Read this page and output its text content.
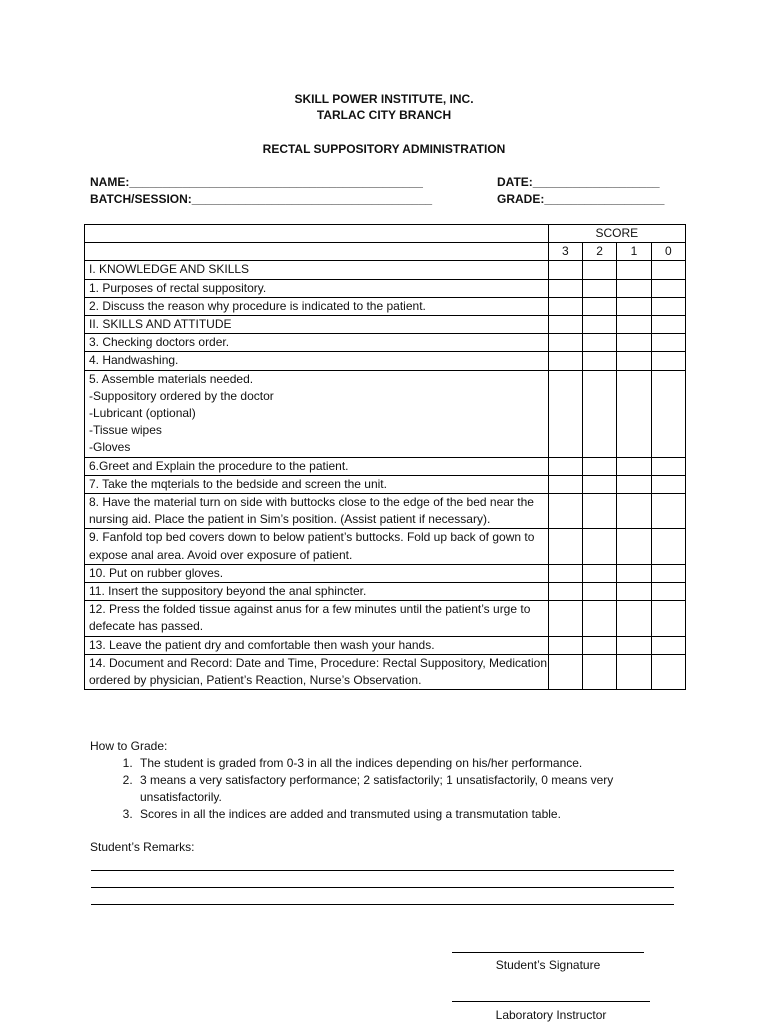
SKILL POWER INSTITUTE, INC.
TARLAC CITY BRANCH
RECTAL SUPPOSITORY ADMINISTRATION
NAME:____________________________________________
BATCH/SESSION:____________________________________
DATE:___________________
GRADE:__________________
	SCORE			
	3	2	1	0
I. KNOWLEDGE AND SKILLS				
1. Purposes of rectal suppository.				
2. Discuss the reason why procedure is indicated to the patient.				
II. SKILLS AND ATTITUDE				
3. Checking doctors order.				
4. Handwashing.				
5. Assemble materials needed.
-Suppository ordered by the doctor
-Lubricant (optional)
-Tissue wipes
-Gloves				
6.Greet and Explain the procedure to the patient.				
7. Take the mqterials to the bedside and screen the unit.				
8. Have the material turn on side with buttocks close to the edge of the bed near the nursing aid. Place the patient in Sim’s position. (Assist patient if necessary).				
9. Fanfold top bed covers down to below patient’s buttocks. Fold up back of gown to expose anal area. Avoid over exposure of patient.				
10. Put on rubber gloves.				
11. Insert the suppository beyond the anal sphincter.				
12. Press the folded tissue against anus for a few minutes until the patient’s urge to defecate has passed.				
13. Leave the patient dry and comfortable then wash your hands.				
14. Document and Record: Date and Time, Procedure: Rectal Suppository, Medication ordered by physician, Patient’s Reaction, Nurse’s Observation.				
How to Grade:
1. The student is graded from 0-3 in all the indices depending on his/her performance.
2. 3 means a very satisfactory performance; 2 satisfactorily; 1 unsatisfactorily, 0 means very unsatisfactorily.
3. Scores in all the indices are added and transmuted using a transmutation table.
Student’s Remarks:
Student’s Signature
Laboratory Instructor
